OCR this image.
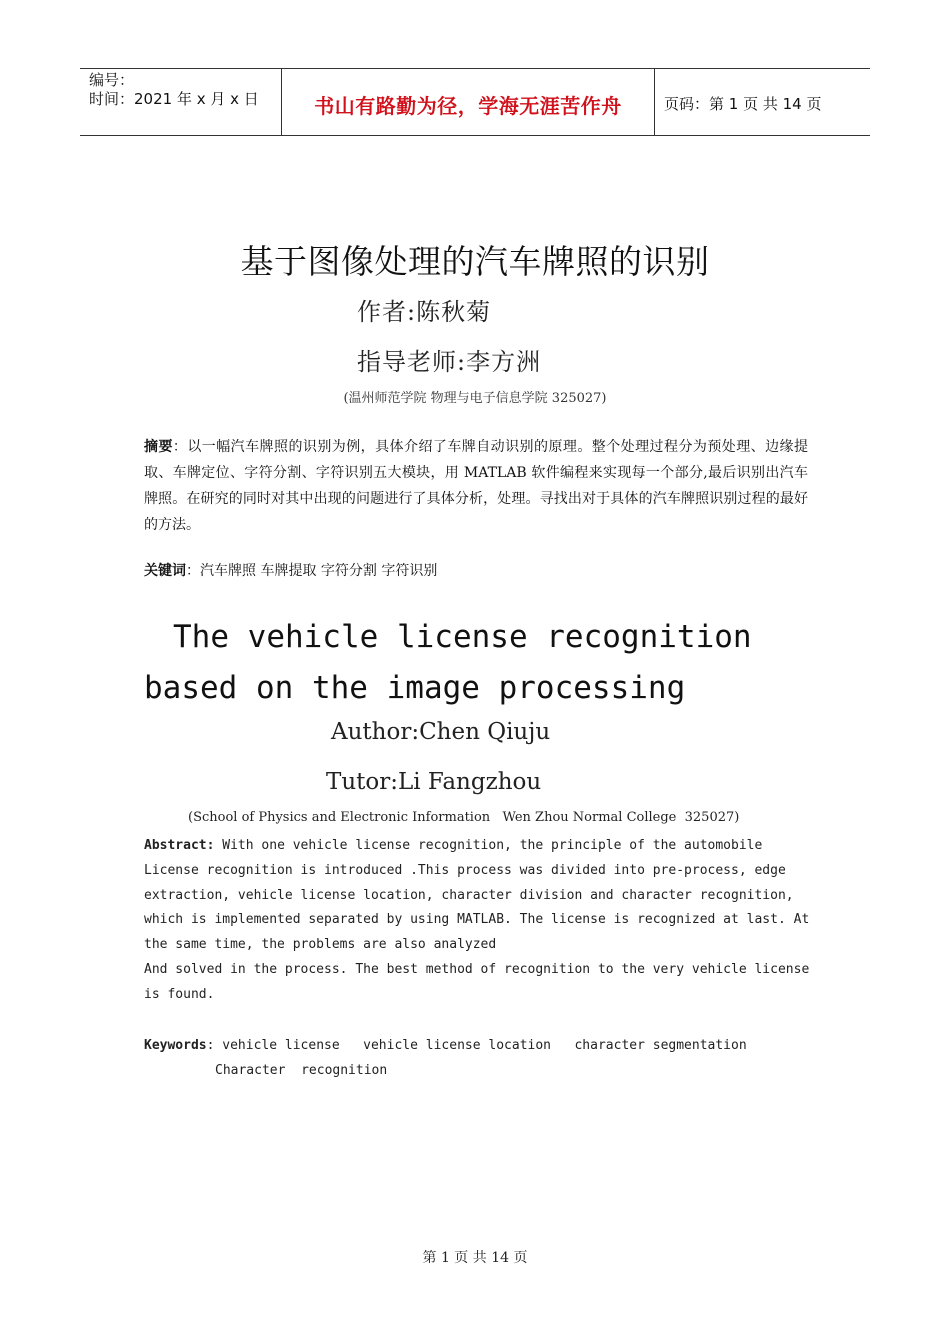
编号：
时间：2021 年 x 月 x 日	书山有路勤为径，学海无涯苦作舟	页码：第 1 页 共 14 页
基于图像处理的汽车牌照的识别
作者:陈秋菊
指导老师:李方洲
(温州师范学院 物理与电子信息学院 325027)
摘要：以一幅汽车牌照的识别为例，具体介绍了车牌自动识别的原理。整个处理过程分为预处理、边缘提取、车牌定位、字符分割、字符识别五大模块，用 MATLAB 软件编程来实现每一个部分,最后识别出汽车牌照。在研究的同时对其中出现的问题进行了具体分析，处理。寻找出对于具体的汽车牌照识别过程的最好的方法。
关键词：汽车牌照 车牌提取 字符分割 字符识别
The vehicle license recognition
based on the image processing
Author:Chen Qiuju
Tutor:Li Fangzhou
(School of Physics and Electronic Information   Wen Zhou Normal College  325027)
Abstract: With one vehicle license recognition, the principle of the automobile License recognition is introduced .This process was divided into pre-process, edge extraction, vehicle license location, character division and character recognition, which is implemented separated by using MATLAB. The license is recognized at last. At the same time, the problems are also analyzed
And solved in the process. The best method of recognition to the very vehicle license is found.
Keywords: vehicle license   vehicle license location   character segmentation
Character  recognition
第 1 页 共 14 页
